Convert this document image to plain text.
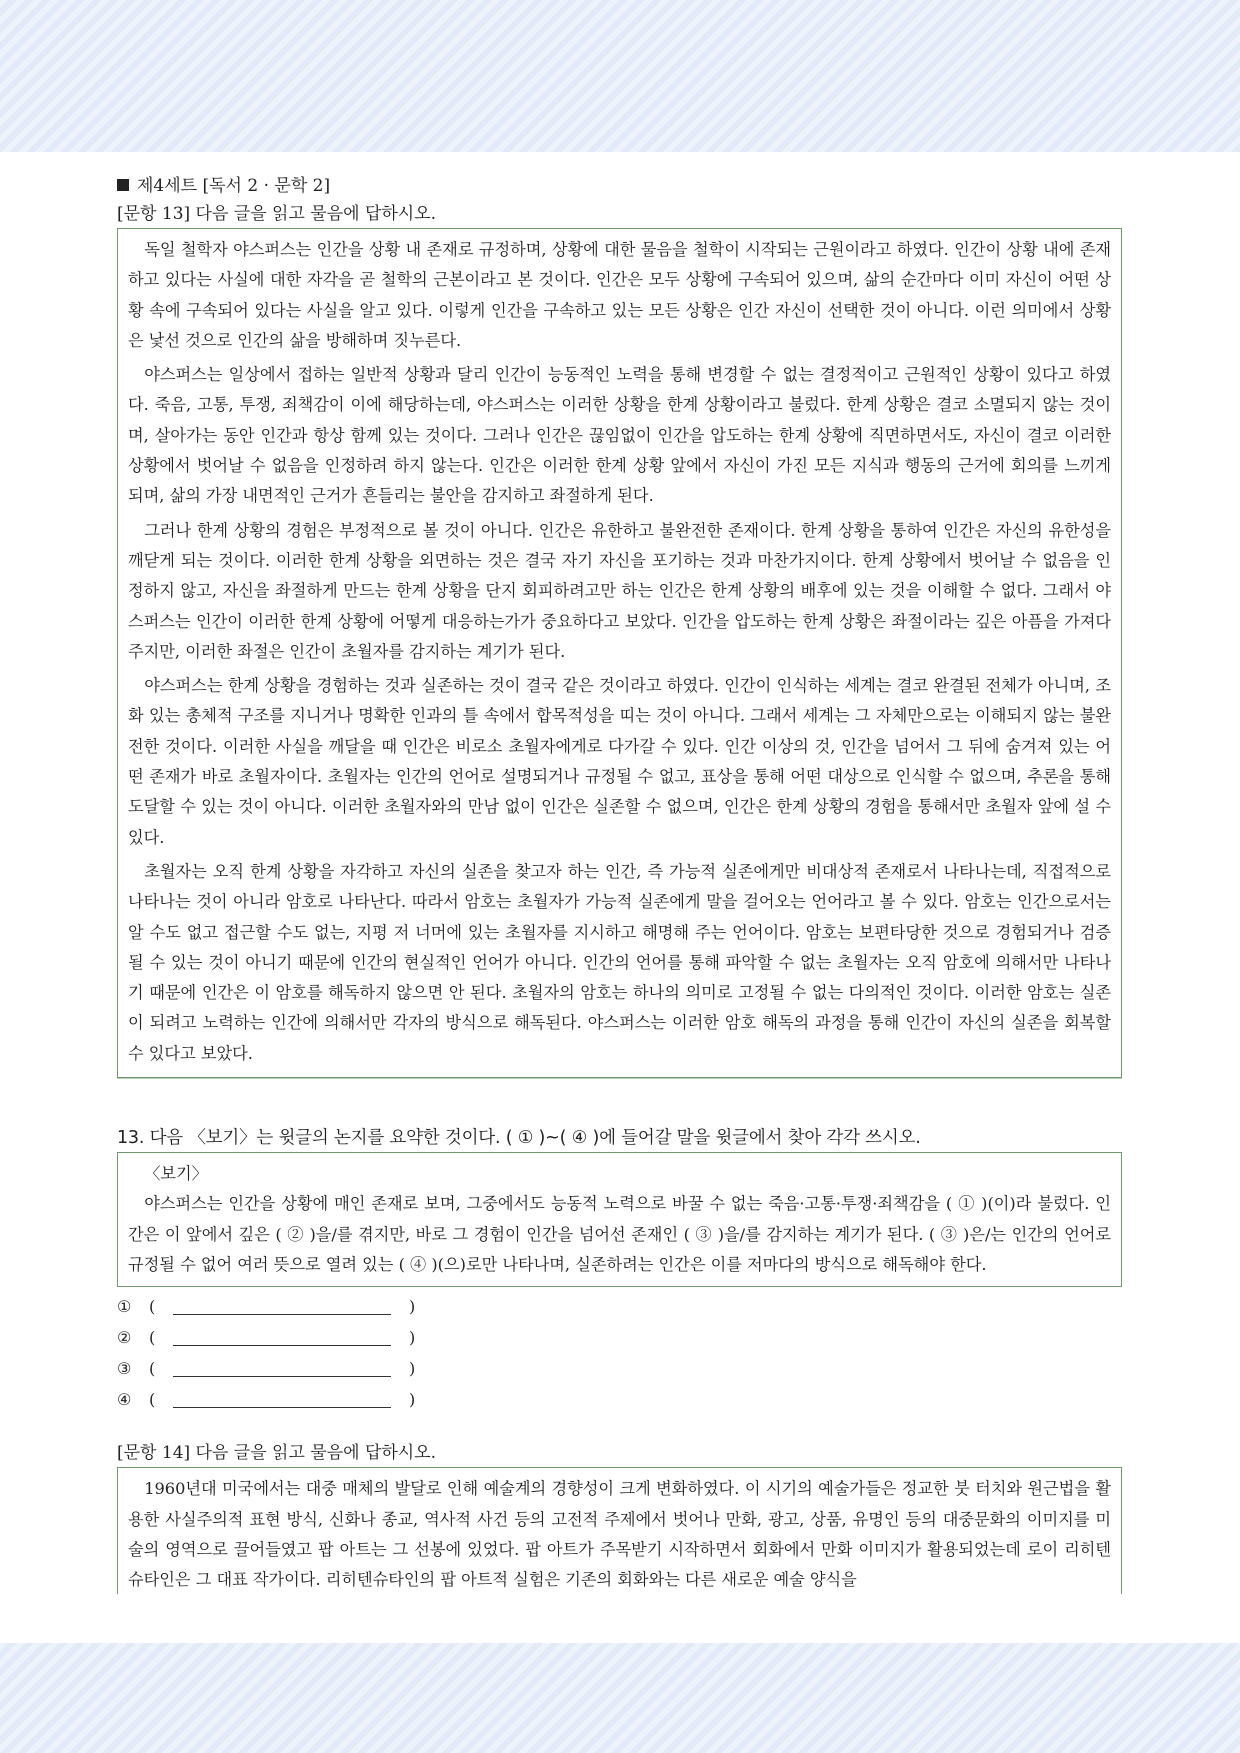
제4세트 [독서 2 · 문학 2]
[문항 13] 다음 글을 읽고 물음에 답하시오.

독일 철학자 야스퍼스는 인간을 상황 내 존재로 규정하며, 상황에 대한 물음을 철학이 시작되는 근원이라고 하였다. 인간이 상황 내에 존재하고 있다는 사실에 대한 자각을 곧 철학의 근본이라고 본 것이다. 인간은 모두 상황에 구속되어 있으며, 삶의 순간마다 이미 자신이 어떤 상황 속에 구속되어 있다는 사실을 알고 있다. 이렇게 인간을 구속하고 있는 모든 상황은 인간 자신이 선택한 것이 아니다. 이런 의미에서 상황은 낯선 것으로 인간의 삶을 방해하며 짓누른다.

야스퍼스는 일상에서 접하는 일반적 상황과 달리 인간이 능동적인 노력을 통해 변경할 수 없는 결정적이고 근원적인 상황이 있다고 하였다. 죽음, 고통, 투쟁, 죄책감이 이에 해당하는데, 야스퍼스는 이러한 상황을 한계 상황이라고 불렀다. 한계 상황은 결코 소멸되지 않는 것이며, 살아가는 동안 인간과 항상 함께 있는 것이다. 그러나 인간은 끊임없이 인간을 압도하는 한계 상황에 직면하면서도, 자신이 결코 이러한 상황에서 벗어날 수 없음을 인정하려 하지 않는다. 인간은 이러한 한계 상황 앞에서 자신이 가진 모든 지식과 행동의 근거에 회의를 느끼게 되며, 삶의 가장 내면적인 근거가 흔들리는 불안을 감지하고 좌절하게 된다.

그러나 한계 상황의 경험은 부정적으로 볼 것이 아니다. 인간은 유한하고 불완전한 존재이다. 한계 상황을 통하여 인간은 자신의 유한성을 깨닫게 되는 것이다. 이러한 한계 상황을 외면하는 것은 결국 자기 자신을 포기하는 것과 마찬가지이다. 한계 상황에서 벗어날 수 없음을 인정하지 않고, 자신을 좌절하게 만드는 한계 상황을 단지 회피하려고만 하는 인간은 한계 상황의 배후에 있는 것을 이해할 수 없다. 그래서 야스퍼스는 인간이 이러한 한계 상황에 어떻게 대응하는가가 중요하다고 보았다. 인간을 압도하는 한계 상황은 좌절이라는 깊은 아픔을 가져다주지만, 이러한 좌절은 인간이 초월자를 감지하는 계기가 된다.

야스퍼스는 한계 상황을 경험하는 것과 실존하는 것이 결국 같은 것이라고 하였다. 인간이 인식하는 세계는 결코 완결된 전체가 아니며, 조화 있는 총체적 구조를 지니거나 명확한 인과의 틀 속에서 합목적성을 띠는 것이 아니다. 그래서 세계는 그 자체만으로는 이해되지 않는 불완전한 것이다. 이러한 사실을 깨달을 때 인간은 비로소 초월자에게로 다가갈 수 있다. 인간 이상의 것, 인간을 넘어서 그 뒤에 숨겨져 있는 어떤 존재가 바로 초월자이다. 초월자는 인간의 언어로 설명되거나 규정될 수 없고, 표상을 통해 어떤 대상으로 인식할 수 없으며, 추론을 통해 도달할 수 있는 것이 아니다. 이러한 초월자와의 만남 없이 인간은 실존할 수 없으며, 인간은 한계 상황의 경험을 통해서만 초월자 앞에 설 수 있다.

초월자는 오직 한계 상황을 자각하고 자신의 실존을 찾고자 하는 인간, 즉 가능적 실존에게만 비대상적 존재로서 나타나는데, 직접적으로 나타나는 것이 아니라 암호로 나타난다. 따라서 암호는 초월자가 가능적 실존에게 말을 걸어오는 언어라고 볼 수 있다. 암호는 인간으로서는 알 수도 없고 접근할 수도 없는, 지평 저 너머에 있는 초월자를 지시하고 해명해 주는 언어이다. 암호는 보편타당한 것으로 경험되거나 검증될 수 있는 것이 아니기 때문에 인간의 현실적인 언어가 아니다. 인간의 언어를 통해 파악할 수 없는 초월자는 오직 암호에 의해서만 나타나기 때문에 인간은 이 암호를 해독하지 않으면 안 된다. 초월자의 암호는 하나의 의미로 고정될 수 없는 다의적인 것이다. 이러한 암호는 실존이 되려고 노력하는 인간에 의해서만 각자의 방식으로 해독된다. 야스퍼스는 이러한 암호 해독의 과정을 통해 인간이 자신의 실존을 회복할 수 있다고 보았다.

13. 다음 〈보기〉는 윗글의 논지를 요약한 것이다. ( ① )~( ④ )에 들어갈 말을 윗글에서 찾아 각각 쓰시오.
〈보기〉

야스퍼스는 인간을 상황에 매인 존재로 보며, 그중에서도 능동적 노력으로 바꿀 수 없는 죽음·고통·투쟁·죄책감을 ( ① )(이)라 불렀다. 인간은 이 앞에서 깊은 ( ② )을/를 겪지만, 바로 그 경험이 인간을 넘어선 존재인 ( ③ )을/를 감지하는 계기가 된다. ( ③ )은/는 인간의 언어로 규정될 수 없어 여러 뜻으로 열려 있는 ( ④ )(으)로만 나타나며, 실존하려는 인간은 이를 저마다의 방식으로 해독해야 한다.

①	(	)
②	(	)
③	(	)
④	(	)
[문항 14] 다음 글을 읽고 물음에 답하시오.

1960년대 미국에서는 대중 매체의 발달로 인해 예술계의 경향성이 크게 변화하였다. 이 시기의 예술가들은 정교한 붓 터치와 원근법을 활용한 사실주의적 표현 방식, 신화나 종교, 역사적 사건 등의 고전적 주제에서 벗어나 만화, 광고, 상품, 유명인 등의 대중문화의 이미지를 미술의 영역으로 끌어들였고 팝 아트는 그 선봉에 있었다. 팝 아트가 주목받기 시작하면서 회화에서 만화 이미지가 활용되었는데 로이 리히텐슈타인은 그 대표 작가이다. 리히텐슈타인의 팝 아트적 실험은 기존의 회화와는 다른 새로운 예술 양식을
